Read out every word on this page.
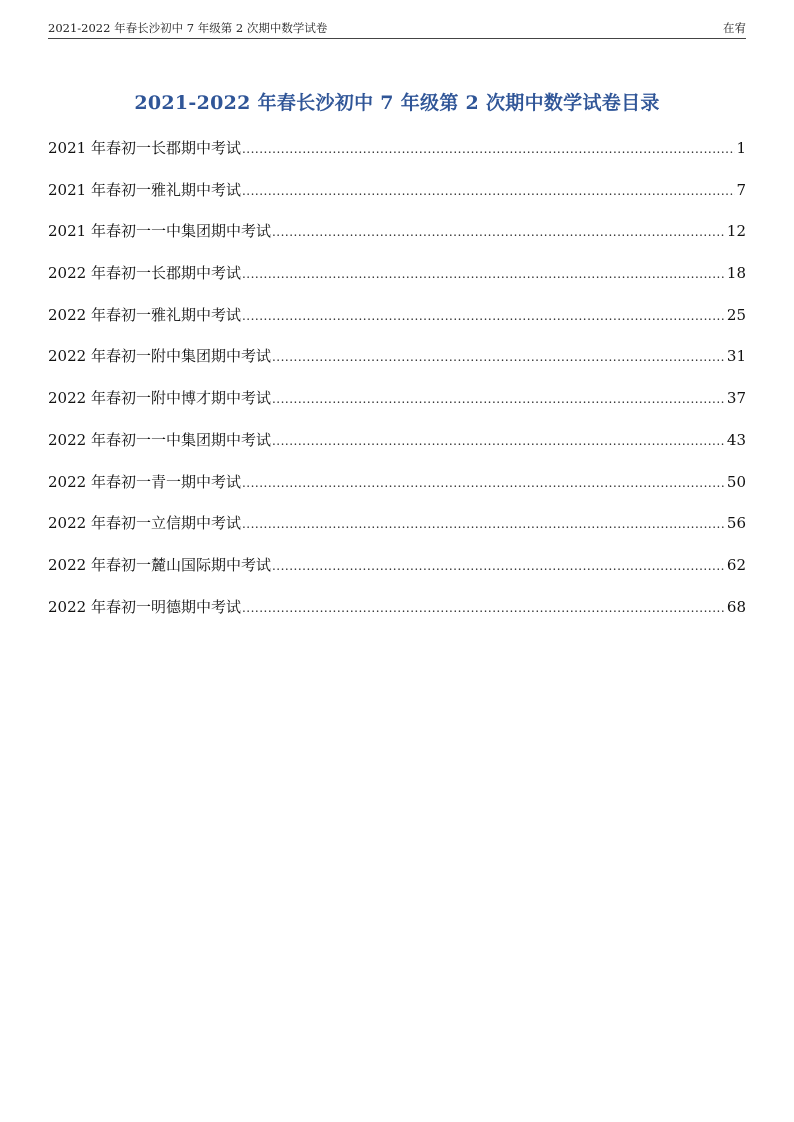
2021-2022 年春长沙初中 7 年级第 2 次期中数学试卷	在宥
2021-2022 年春长沙初中 7 年级第 2 次期中数学试卷目录
2021 年春初一长郡期中考试 .....	1
2021 年春初一雅礼期中考试 .....	7
2021 年春初一一中集团期中考试 .....	12
2022 年春初一长郡期中考试 .....	18
2022 年春初一雅礼期中考试 .....	25
2022 年春初一附中集团期中考试 .....	31
2022 年春初一附中博才期中考试 .....	37
2022 年春初一一中集团期中考试 .....	43
2022 年春初一青一期中考试 .....	50
2022 年春初一立信期中考试 .....	56
2022 年春初一麓山国际期中考试 .....	62
2022 年春初一明德期中考试 .....	68
